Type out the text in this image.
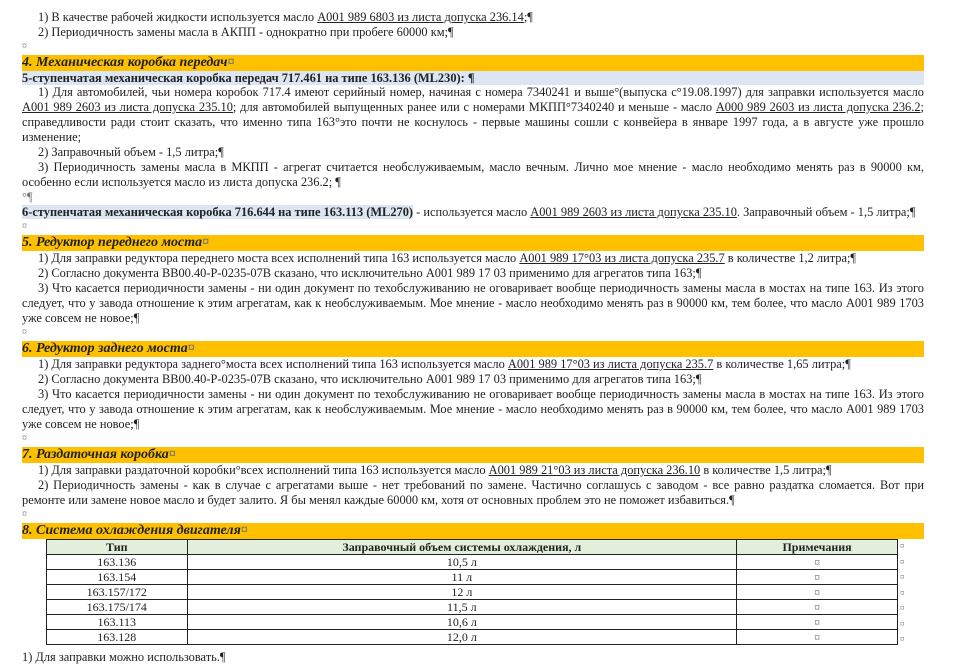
1) В качестве рабочей жидкости используется масло A001 989 6803 из листа допуска 236.14;¶

2) Периодичность замены масла в АКПП - однократно при пробеге 60000 км;¶

¤

4. Механическая коробка передач¤

5-ступенчатая механическая коробка передач 717.461 на типе 163.136 (ML230): ¶

1) Для автомобилей, чьи номера коробок 717.4 имеют серийный номер, начиная с номера 7340241 и выше°(выпуска с°19.08.1997) для заправки используется масло A001 989 2603 из листа допуска 235.10; для автомобилей выпущенных ранее или с номерами МКПП°7340240 и меньше - масло A000 989 2603 из листа допуска 236.2; справедливости ради стоит сказать, что именно типа 163°это почти не коснулось - первые машины сошли с конвейера в январе 1997 года, а в августе уже прошло изменение;

2) Заправочный объем - 1,5 литра;¶

3) Периодичность замены масла в МКПП - агрегат считается необслуживаемым, масло вечным. Лично мое мнение - масло необходимо менять раз в 90000 км, особенно если используется масло из листа допуска 236.2; ¶

°¶

6-ступенчатая механическая коробка 716.644 на типе 163.113 (ML270) - используется масло A001 989 2603 из листа допуска 235.10. Заправочный объем - 1,5 литра;¶

¤

5. Редуктор переднего моста¤

1) Для заправки редуктора переднего моста всех исполнений типа 163 используется масло A001 989 17°03 из листа допуска 235.7 в количестве 1,2 литра;¶

2) Согласно документа BB00.40-P-0235-07B сказано, что исключительно A001 989 17 03 применимо для агрегатов типа 163;¶

3) Что касается периодичности замены - ни один документ по техобслуживанию не оговаривает вообще периодичность замены масла в мостах на типе 163. Из этого следует, что у завода отношение к этим агрегатам, как к необслуживаемым. Мое мнение - масло необходимо менять раз в 90000 км, тем более, что масло A001 989 1703 уже совсем не новое;¶

¤

6. Редуктор заднего моста¤

1) Для заправки редуктора заднего°моста всех исполнений типа 163 используется масло A001 989 17°03 из листа допуска 235.7 в количестве 1,65 литра;¶

2) Согласно документа BB00.40-P-0235-07B сказано, что исключительно A001 989 17 03 применимо для агрегатов типа 163;¶

3) Что касается периодичности замены - ни один документ по техобслуживанию не оговаривает вообще периодичность замены масла в мостах на типе 163. Из этого следует, что у завода отношение к этим агрегатам, как к необслуживаемым. Мое мнение - масло необходимо менять раз в 90000 км, тем более, что масло A001 989 1703 уже совсем не новое;¶

¤

7. Раздаточная коробка¤

1) Для заправки раздаточной коробки°всех исполнений типа 163 используется масло A001 989 21°03 из листа допуска 236.10 в количестве 1,5 литра;¶

2) Периодичность замены - как в случае с агрегатами выше - нет требований по замене. Частично соглашусь с заводом - все равно раздатка сломается. Вот при ремонте или замене новое масло и будет залито. Я бы менял каждые 60000 км, хотя от основных проблем это не поможет избавиться.¶

¤

8. Система охлаждения двигателя¤

Тип	Заправочный объем системы охлаждения, л	Примечания
163.136	10,5 л	¤
163.154	11 л	¤
163.157/172	12 л	¤
163.175/174	11,5 л	¤
163.113	10,6 л	¤
163.128	12,0 л	¤
¤
¤
¤
¤
¤
¤
¤

1) Для заправки можно использовать.¶
